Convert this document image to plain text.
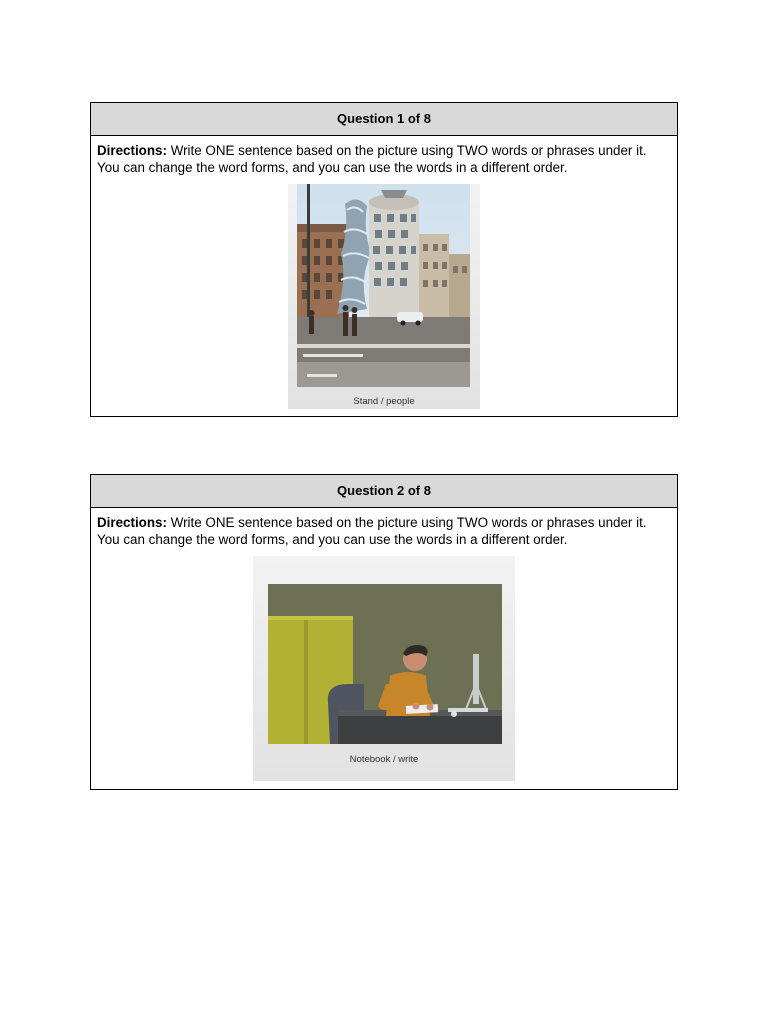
Question 1 of 8
Directions: Write ONE sentence based on the picture using TWO words or phrases under it. You can change the word forms, and you can use the words in a different order.
Stand / people
Question 2 of 8
Directions: Write ONE sentence based on the picture using TWO words or phrases under it. You can change the word forms, and you can use the words in a different order.
Notebook / write
